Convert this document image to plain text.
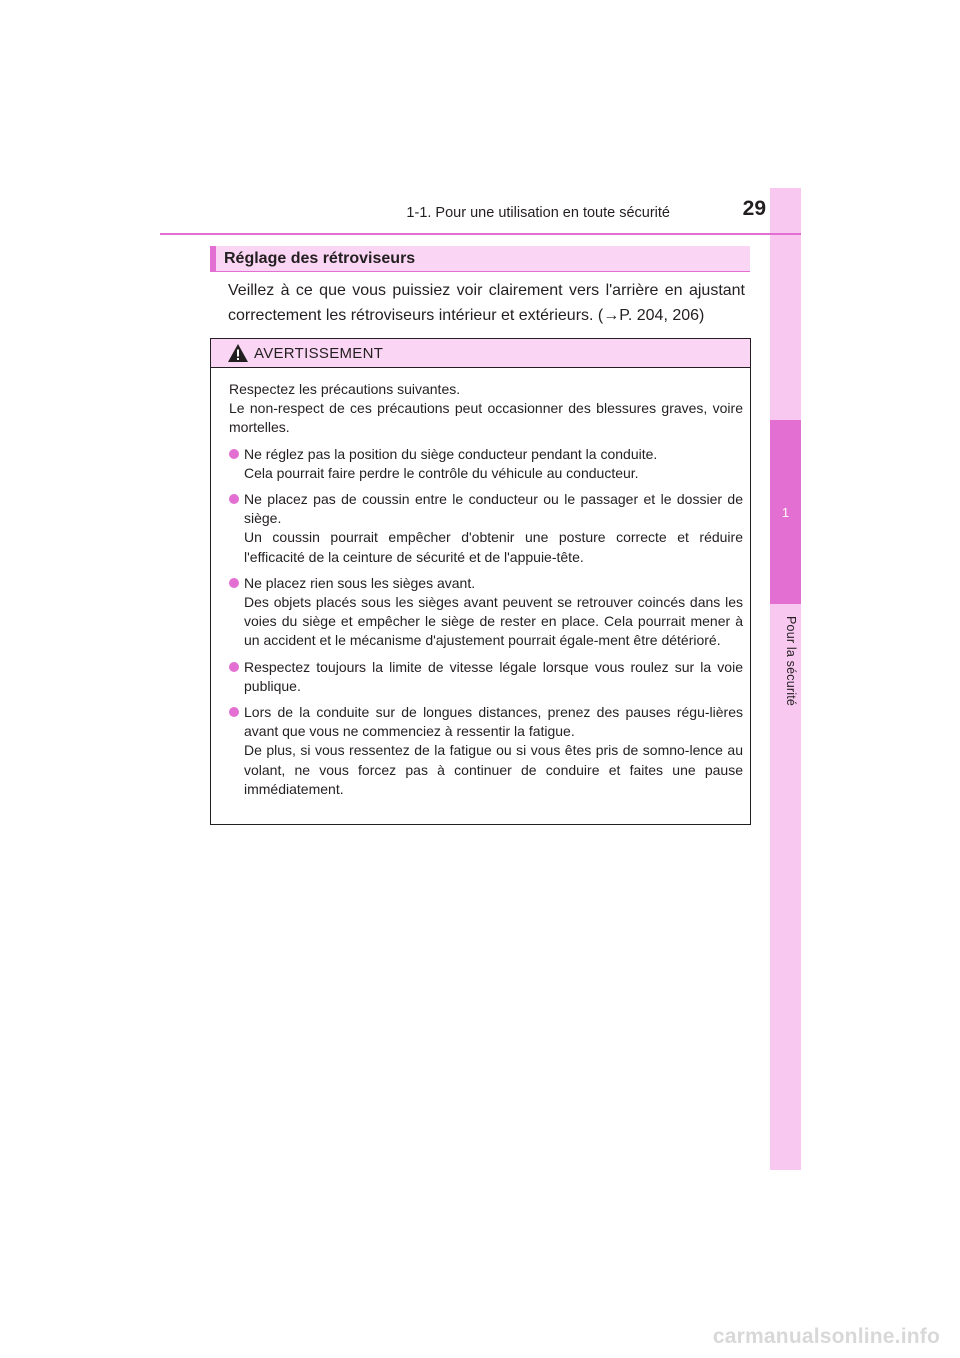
1
Pour la sécurité
1-1. Pour une utilisation en toute sécurité	29
Réglage des rétroviseurs
Veillez à ce que vous puissiez voir clairement vers l'arrière en ajustant correctement les rétroviseurs intérieur et extérieurs. (→P. 204, 206)
AVERTISSEMENT

Respectez les précautions suivantes.

Le non-respect de ces précautions peut occasionner des blessures graves, voire mortelles.

Ne réglez pas la position du siège conducteur pendant la conduite.

Cela pourrait faire perdre le contrôle du véhicule au conducteur.

Ne placez pas de coussin entre le conducteur ou le passager et le dossier de siège.

Un coussin pourrait empêcher d'obtenir une posture correcte et réduire l'efficacité de la ceinture de sécurité et de l'appuie-tête.

Ne placez rien sous les sièges avant.

Des objets placés sous les sièges avant peuvent se retrouver coincés dans les voies du siège et empêcher le siège de rester en place. Cela pourrait mener à un accident et le mécanisme d'ajustement pourrait égale-ment être détérioré.

Respectez toujours la limite de vitesse légale lorsque vous roulez sur la voie publique.

Lors de la conduite sur de longues distances, prenez des pauses régu-lières avant que vous ne commenciez à ressentir la fatigue.

De plus, si vous ressentez de la fatigue ou si vous êtes pris de somno-lence au volant, ne vous forcez pas à continuer de conduire et faites une pause immédiatement.

carmanualsonline.info
